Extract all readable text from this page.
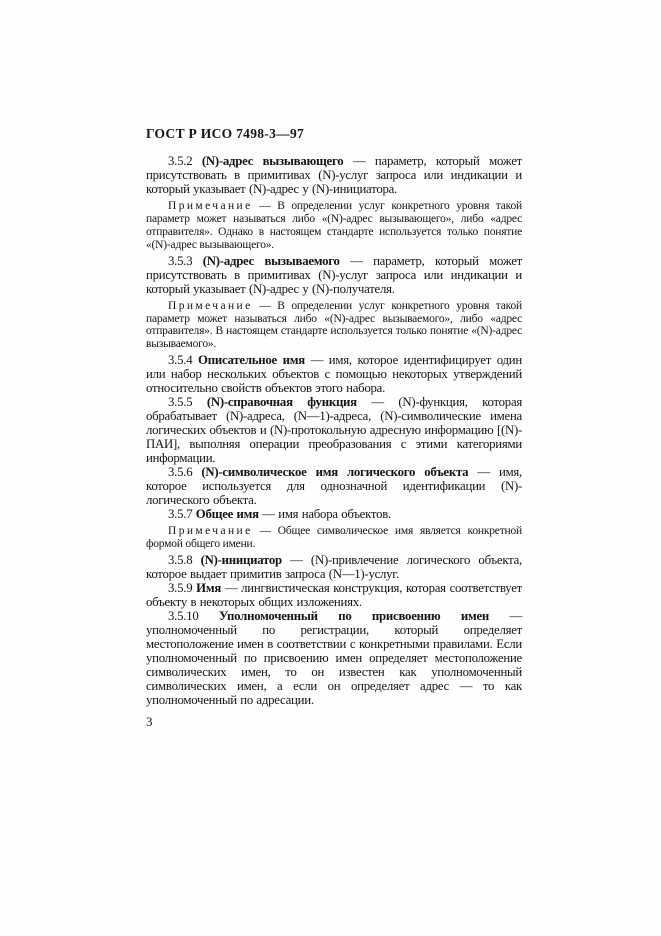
ГОСТ Р ИСО 7498-3—97

3.5.2 (N)-адрес вызывающего — параметр, который может присутствовать в примитивах (N)-услуг запроса или индикации и который указывает (N)-адрес у (N)-инициатора.

Примечание — В определении услуг конкретного уровня такой параметр может называться либо «(N)-адрес вызывающего», либо «адрес отправителя». Однако в настоящем стандарте используется только понятие «(N)-адрес вызывающего».

3.5.3 (N)-адрес вызываемого — параметр, который может присутствовать в примитивах (N)-услуг запроса или индикации и который указывает (N)-адрес у (N)-получателя.

Примечание — В определении услуг конкретного уровня такой параметр может называться либо «(N)-адрес вызываемого», либо «адрес отправителя». В настоящем стандарте используется только понятие «(N)-адрес вызываемого».

3.5.4 Описательное имя — имя, которое идентифицирует один или набор нескольких объектов с помощью некоторых утверждений относительно свойств объектов этого набора.

3.5.5 (N)-справочная функция — (N)-функция, которая обрабатывает (N)-адреса, (N—1)-адреса, (N)-символические имена логических объектов и (N)-протокольную адресную информацию [(N)-ПАИ], выполняя операции преобразования с этими категориями информации.

3.5.6 (N)-символическое имя логического объекта — имя, которое используется для однозначной идентификации (N)-логического объекта.

3.5.7 Общее имя — имя набора объектов.

Примечание — Общее символическое имя является конкретной формой общего имени.

3.5.8 (N)-инициатор — (N)-привлечение логического объекта, которое выдает примитив запроса (N—1)-услуг.

3.5.9 Имя — лингвистическая конструкция, которая соответствует объекту в некоторых общих изложениях.

3.5.10 Уполномоченный по присвоению имен — уполномоченный по регистрации, который определяет местоположение имен в соответствии с конкретными правилами. Если уполномоченный по присвоению имен определяет местоположение символических имен, то он известен как уполномоченный символических имен, а если он определяет адрес — то как уполномоченный по адресации.

3
